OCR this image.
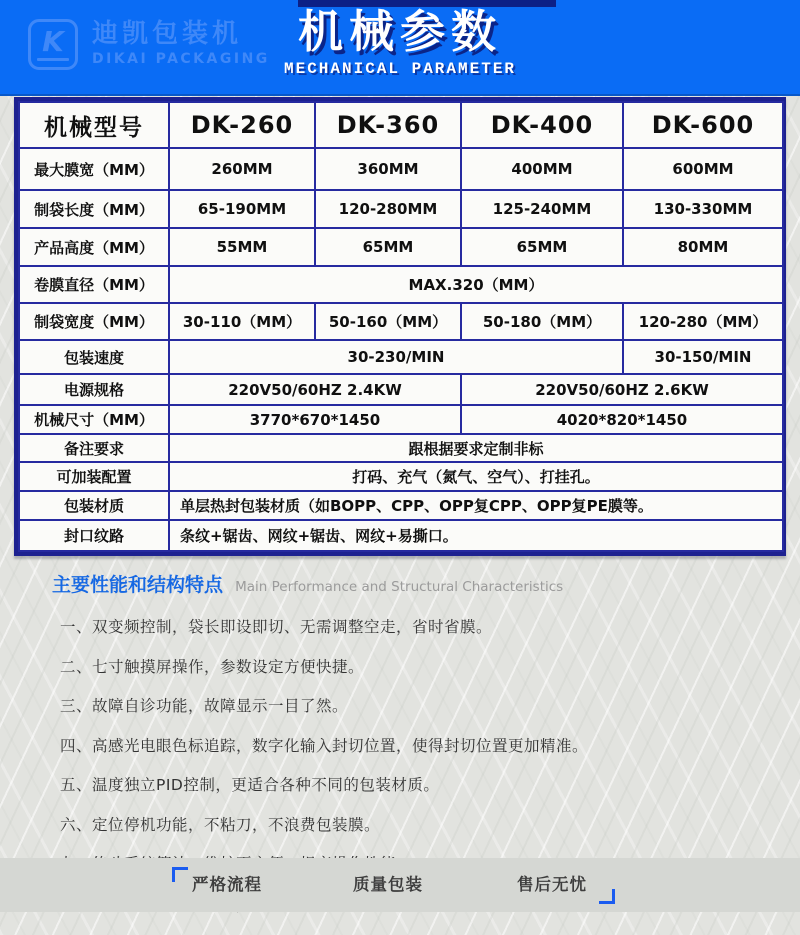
K 迪凯包装机
DIKAI PACKAGING
机械参数
MECHANICAL PARAMETER
机械型号	DK-260	DK-360	DK-400	DK-600
最大膜宽（MM）	260MM	360MM	400MM	600MM
制袋长度（MM）	65-190MM	120-280MM	125-240MM	130-330MM
产品高度（MM）	55MM	65MM	65MM	80MM
卷膜直径（MM）	MAX.320（MM）			
制袋宽度（MM）	30-110（MM）	50-160（MM）	50-180（MM）	120-280（MM）
包装速度	30-230/MIN			30-150/MIN
电源规格	220V50/60HZ 2.4KW		220V50/60HZ 2.6KW	
机械尺寸（MM）	3770*670*1450		4020*820*1450	
备注要求	跟根据要求定制非标			
可加装配置	打码、充气（氮气、空气）、打挂孔。			
包装材质	单层热封包装材质（如BOPP、CPP、OPP复CPP、OPP复PE膜等。			
封口纹路	条纹+锯齿、网纹+锯齿、网纹+易撕口。			
主要性能和结构特点 Main Performance and Structural Characteristics
一、双变频控制，袋长即设即切、无需调整空走，省时省膜。
二、七寸触摸屏操作，参数设定方便快捷。
三、故障自诊功能，故障显示一目了然。
四、高感光电眼色标追踪，数字化输入封切位置，使得封切位置更加精准。
五、温度独立PID控制，更适合各种不同的包装材质。
六、定位停机功能，不粘刀，不浪费包装膜。
严格流程	质量包装	售后无忧
